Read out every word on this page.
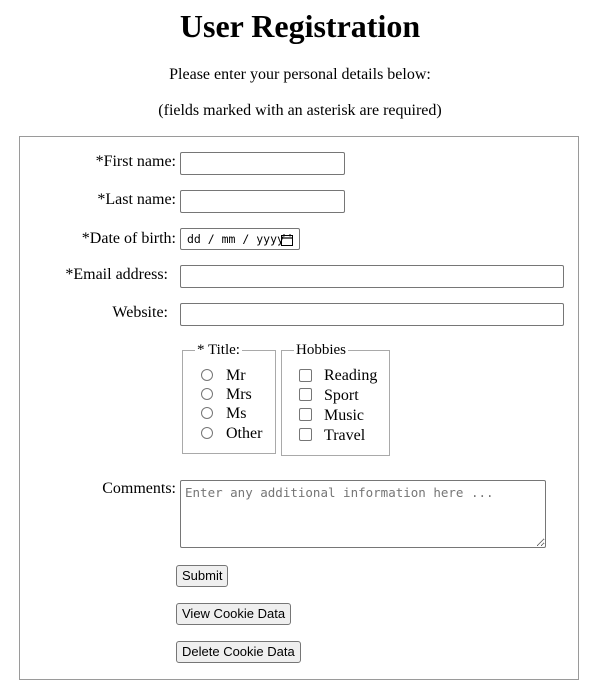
User Registration
Please enter your personal details below:
(fields marked with an asterisk are required)
*First name:
*Last name:
*Date of birth: dd / mm / yyyy
*Email address:
Website:
* Title:
Mr
Mrs
Ms
Other
Hobbies
Reading
Sport
Music
Travel
Comments:
Enter any additional information here ...
Submit
View Cookie Data
Delete Cookie Data
